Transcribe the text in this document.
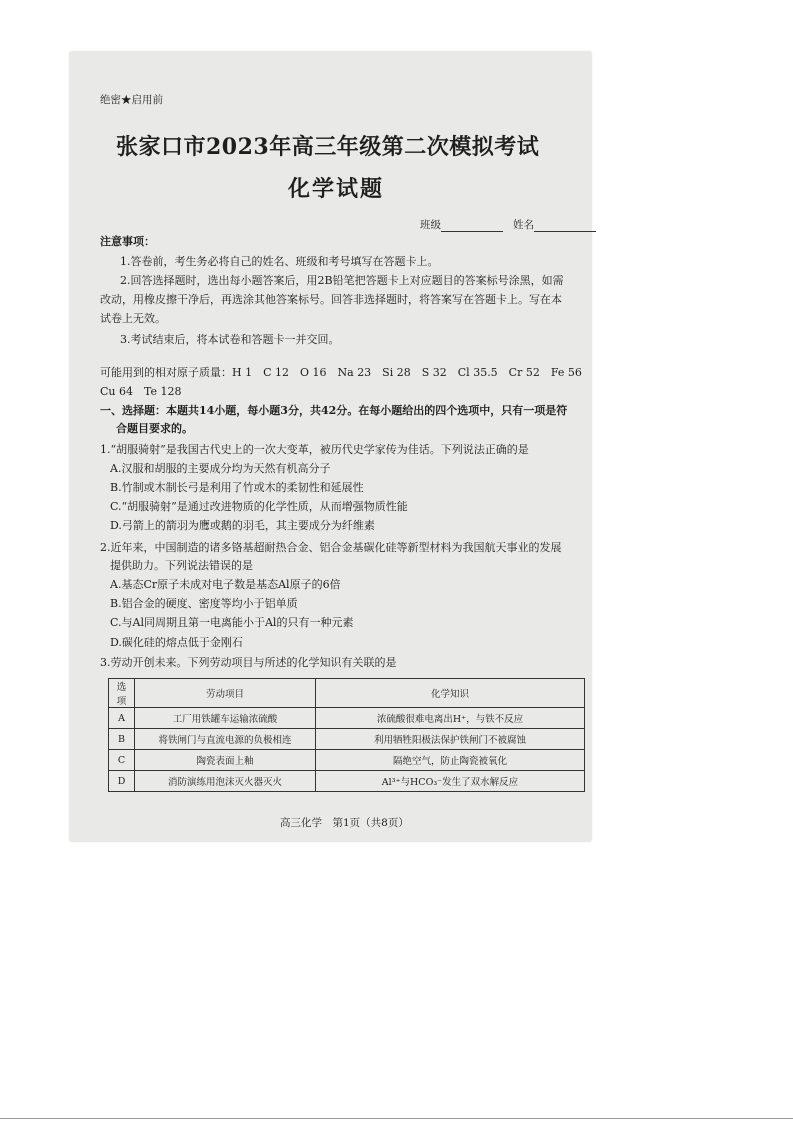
绝密★启用前
张家口市2023年高三年级第二次模拟考试
化学试题
班级	姓名
注意事项：
1.答卷前，考生务必将自己的姓名、班级和考号填写在答题卡上。
2.回答选择题时，选出每小题答案后，用2B铅笔把答题卡上对应题目的答案标号涂黑，如需
改动，用橡皮擦干净后，再选涂其他答案标号。回答非选择题时，将答案写在答题卡上。写在本
试卷上无效。
3.考试结束后，将本试卷和答题卡一并交回。
可能用到的相对原子质量：H 1　C 12　O 16　Na 23　Si 28　S 32　Cl 35.5　Cr 52　Fe 56
Cu 64　Te 128
一、选择题：本题共14小题，每小题3分，共42分。在每小题给出的四个选项中，只有一项是符
合题目要求的。
1.“胡服骑射”是我国古代史上的一次大变革，被历代史学家传为佳话。下列说法正确的是
A.汉服和胡服的主要成分均为天然有机高分子
B.竹制或木制长弓是利用了竹或木的柔韧性和延展性
C.“胡服骑射”是通过改进物质的化学性质，从而增强物质性能
D.弓箭上的箭羽为鹰或鹅的羽毛，其主要成分为纤维素
2.近年来，中国制造的诸多铬基超耐热合金、铝合金基碳化硅等新型材料为我国航天事业的发展
提供助力。下列说法错误的是
A.基态Cr原子未成对电子数是基态Al原子的6倍
B.铝合金的硬度、密度等均小于铝单质
C.与Al同周期且第一电离能小于Al的只有一种元素
D.碳化硅的熔点低于金刚石
3.劳动开创未来。下列劳动项目与所述的化学知识有关联的是
选项	劳动项目	化学知识
A	工厂用铁罐车运输浓硫酸	浓硫酸很难电离出H⁺，与铁不反应
B	将铁闸门与直流电源的负极相连	利用牺牲阳极法保护铁闸门不被腐蚀
C	陶瓷表面上釉	隔绝空气，防止陶瓷被氧化
D	消防演练用泡沫灭火器灭火	Al³⁺与HCO₃⁻发生了双水解反应
高三化学　第1页（共8页）
